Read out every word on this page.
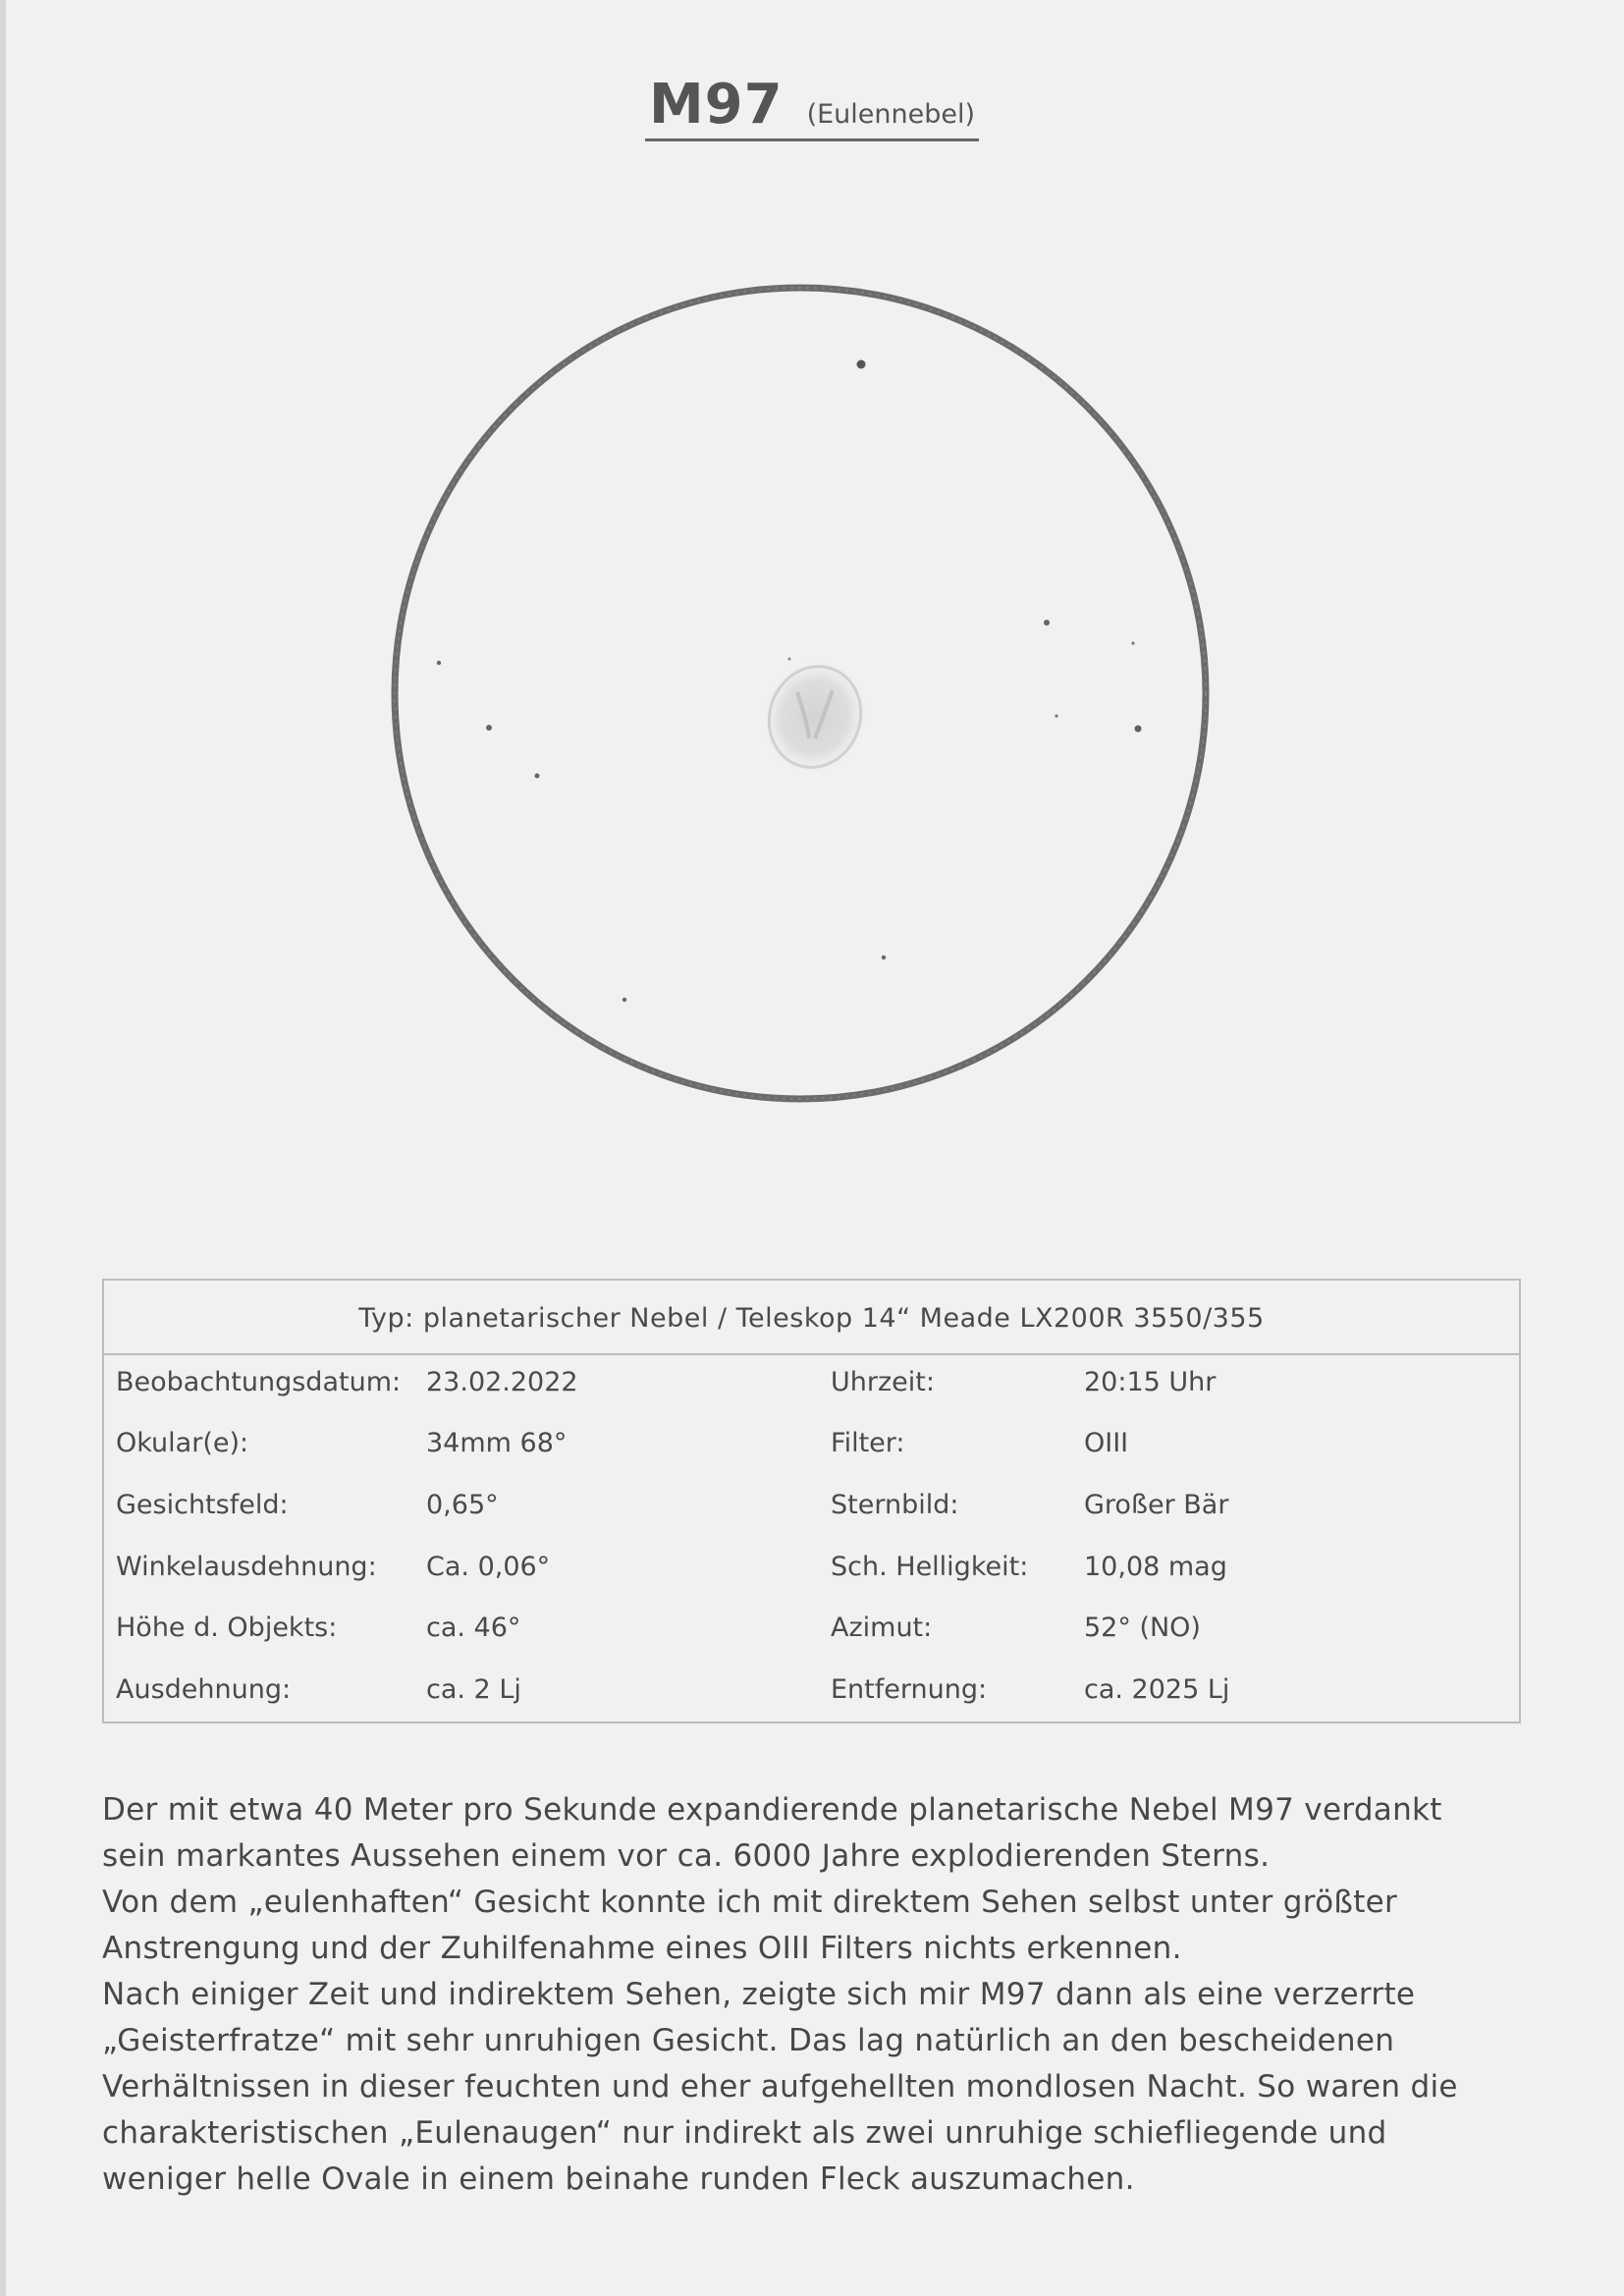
M97 (Eulennebel)
Typ: planetarischer Nebel / Teleskop 14“ Meade LX200R 3550/355
Beobachtungsdatum: 23.02.2022	Uhrzeit:	20:15 Uhr
Okular(e):	34mm 68°	Filter:	OIII
Gesichtsfeld:	0,65°	Sternbild:	Großer Bär
Winkelausdehnung: Ca. 0,06°	Sch. Helligkeit: 10,08 mag
Höhe d. Objekts:	ca. 46°	Azimut:	52° (NO)
Ausdehnung:	ca. 2 Lj	Entfernung:	ca. 2025 Lj

Der mit etwa 40 Meter pro Sekunde expandierende planetarische Nebel M97 verdankt

sein markantes Aussehen einem vor ca. 6000 Jahre explodierenden Sterns.

Von dem „eulenhaften“ Gesicht konnte ich mit direktem Sehen selbst unter größter

Anstrengung und der Zuhilfenahme eines OIII Filters nichts erkennen.

Nach einiger Zeit und indirektem Sehen, zeigte sich mir M97 dann als eine verzerrte

„Geisterfratze“ mit sehr unruhigen Gesicht. Das lag natürlich an den bescheidenen

Verhältnissen in dieser feuchten und eher aufgehellten mondlosen Nacht. So waren die

charakteristischen „Eulenaugen“ nur indirekt als zwei unruhige schiefliegende und

weniger helle Ovale in einem beinahe runden Fleck auszumachen.
